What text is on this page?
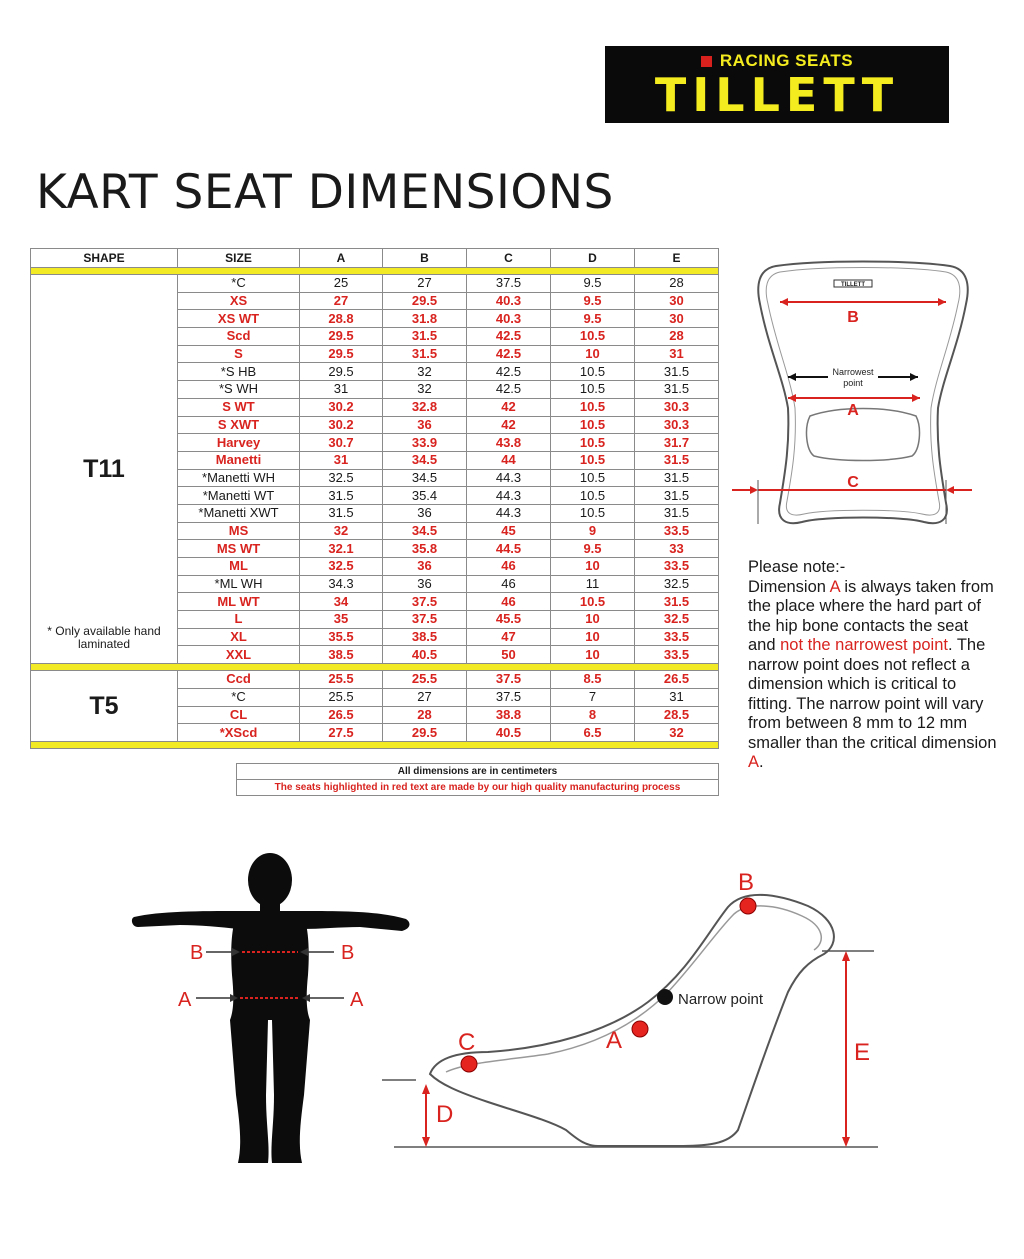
RACING SEATS
TILLETT
KART SEAT DIMENSIONS
SHAPE	SIZE	A	B	C	D	E

T11
* Only available hand laminated	*C	25	27	37.5	9.5	28
	XS	27	29.5	40.3	9.5	30
	XS WT	28.8	31.8	40.3	9.5	30
	Scd	29.5	31.5	42.5	10.5	28
	S	29.5	31.5	42.5	10	31
	*S HB	29.5	32	42.5	10.5	31.5
	*S WH	31	32	42.5	10.5	31.5
	S WT	30.2	32.8	42	10.5	30.3
	S XWT	30.2	36	42	10.5	30.3
	Harvey	30.7	33.9	43.8	10.5	31.7
	Manetti	31	34.5	44	10.5	31.5
	*Manetti WH	32.5	34.5	44.3	10.5	31.5
	*Manetti WT	31.5	35.4	44.3	10.5	31.5
	*Manetti XWT	31.5	36	44.3	10.5	31.5
	MS	32	34.5	45	9	33.5
	MS WT	32.1	35.8	44.5	9.5	33
	ML	32.5	36	46	10	33.5
	*ML WH	34.3	36	46	11	32.5
	ML WT	34	37.5	46	10.5	31.5
	L	35	37.5	45.5	10	32.5
	XL	35.5	38.5	47	10	33.5
	XXL	38.5	40.5	50	10	33.5

T5	Ccd	25.5	25.5	37.5	8.5	26.5
	*C	25.5	27	37.5	7	31
	CL	26.5	28	38.8	8	28.5
	*XScd	27.5	29.5	40.5	6.5	32

All dimensions are in centimeters
The seats highlighted in red text are made by our high quality manufacturing process
TILLETT
B
Narrowest
point
A
C
Please note:-
Dimension A is always taken from the place where the hard part of the hip bone contacts the seat and not the narrowest point. The narrow point does not reflect a dimension which is critical to fitting. The narrow point will vary from between 8 mm to 12 mm smaller than the critical dimension A.
B	B
A	A
B
A
C
Narrow point
D
E
